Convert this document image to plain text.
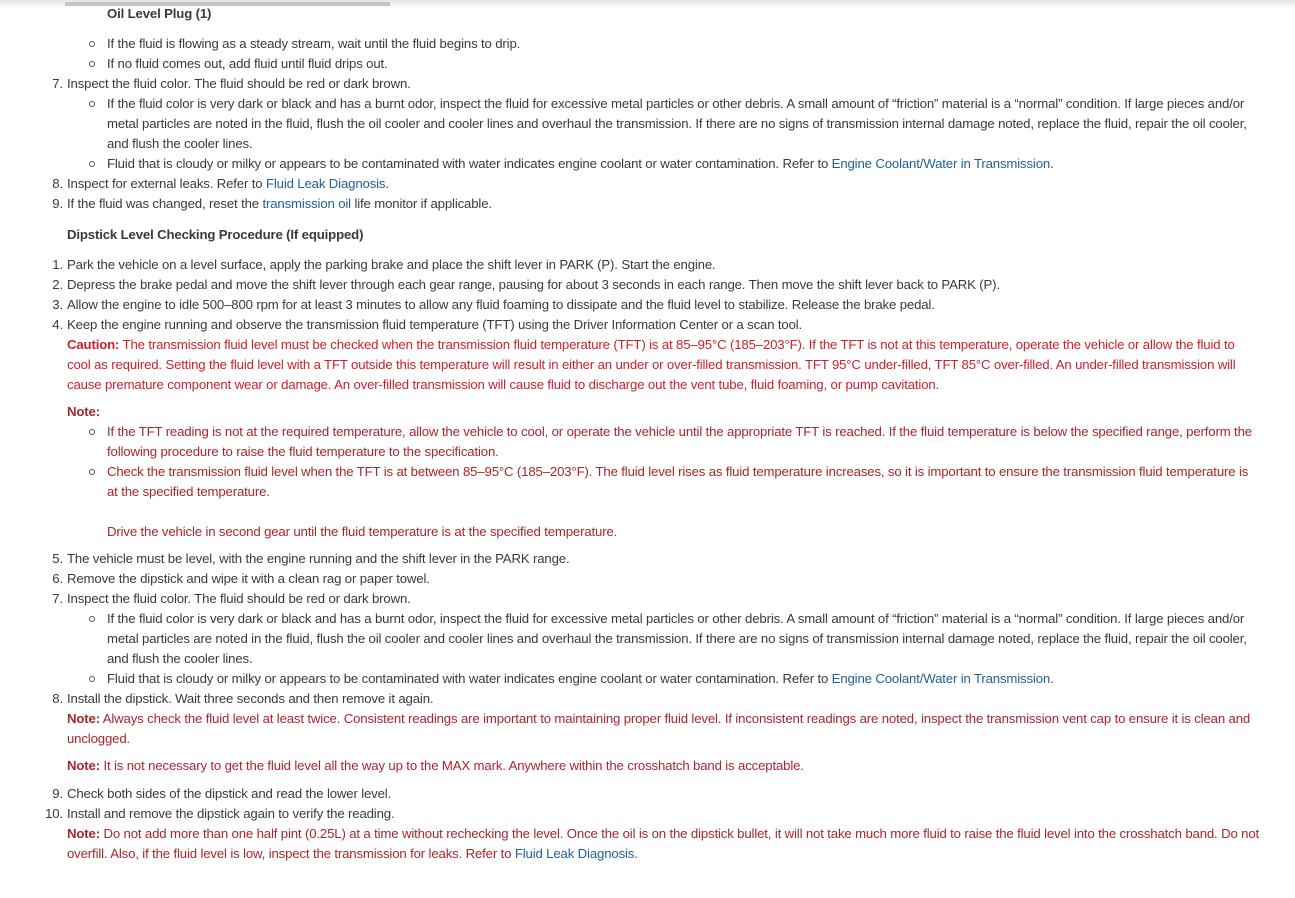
Oil Level Plug (1)
If the fluid is flowing as a steady stream, wait until the fluid begins to drip.
If no fluid comes out, add fluid until fluid drips out.
7. Inspect the fluid color. The fluid should be red or dark brown.
If the fluid color is very dark or black and has a burnt odor, inspect the fluid for excessive metal particles or other debris. A small amount of “friction” material is a “normal” condition. If large pieces and/or metal particles are noted in the fluid, flush the oil cooler and cooler lines and overhaul the transmission. If there are no signs of transmission internal damage noted, replace the fluid, repair the oil cooler, and flush the cooler lines.
Fluid that is cloudy or milky or appears to be contaminated with water indicates engine coolant or water contamination. Refer to Engine Coolant/Water in Transmission.
8. Inspect for external leaks. Refer to Fluid Leak Diagnosis.
9. If the fluid was changed, reset the transmission oil life monitor if applicable.
Dipstick Level Checking Procedure (If equipped)
1. Park the vehicle on a level surface, apply the parking brake and place the shift lever in PARK (P). Start the engine.
2. Depress the brake pedal and move the shift lever through each gear range, pausing for about 3 seconds in each range. Then move the shift lever back to PARK (P).
3. Allow the engine to idle 500–800 rpm for at least 3 minutes to allow any fluid foaming to dissipate and the fluid level to stabilize. Release the brake pedal.
4. Keep the engine running and observe the transmission fluid temperature (TFT) using the Driver Information Center or a scan tool.
Caution: The transmission fluid level must be checked when the transmission fluid temperature (TFT) is at 85–95°C (185–203°F). If the TFT is not at this temperature, operate the vehicle or allow the fluid to cool as required. Setting the fluid level with a TFT outside this temperature will result in either an under or over-filled transmission. TFT 95°C under-filled, TFT 85°C over-filled. An under-filled transmission will cause premature component wear or damage. An over-filled transmission will cause fluid to discharge out the vent tube, fluid foaming, or pump cavitation.
Note:
If the TFT reading is not at the required temperature, allow the vehicle to cool, or operate the vehicle until the appropriate TFT is reached. If the fluid temperature is below the specified range, perform the following procedure to raise the fluid temperature to the specification.
Check the transmission fluid level when the TFT is at between 85–95°C (185–203°F). The fluid level rises as fluid temperature increases, so it is important to ensure the transmission fluid temperature is at the specified temperature.

Drive the vehicle in second gear until the fluid temperature is at the specified temperature.
5. The vehicle must be level, with the engine running and the shift lever in the PARK range.
6. Remove the dipstick and wipe it with a clean rag or paper towel.
7. Inspect the fluid color. The fluid should be red or dark brown.
If the fluid color is very dark or black and has a burnt odor, inspect the fluid for excessive metal particles or other debris. A small amount of “friction” material is a “normal” condition. If large pieces and/or metal particles are noted in the fluid, flush the oil cooler and cooler lines and overhaul the transmission. If there are no signs of transmission internal damage noted, replace the fluid, repair the oil cooler, and flush the cooler lines.
Fluid that is cloudy or milky or appears to be contaminated with water indicates engine coolant or water contamination. Refer to Engine Coolant/Water in Transmission.
8. Install the dipstick. Wait three seconds and then remove it again.
Note: Always check the fluid level at least twice. Consistent readings are important to maintaining proper fluid level. If inconsistent readings are noted, inspect the transmission vent cap to ensure it is clean and unclogged.
Note: It is not necessary to get the fluid level all the way up to the MAX mark. Anywhere within the crosshatch band is acceptable.
9. Check both sides of the dipstick and read the lower level.
10. Install and remove the dipstick again to verify the reading.
Note: Do not add more than one half pint (0.25L) at a time without rechecking the level. Once the oil is on the dipstick bullet, it will not take much more fluid to raise the fluid level into the crosshatch band. Do not overfill. Also, if the fluid level is low, inspect the transmission for leaks. Refer to Fluid Leak Diagnosis.
